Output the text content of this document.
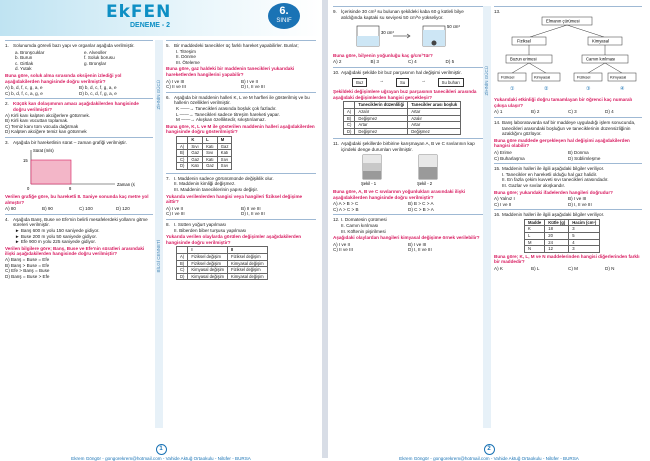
EkFEN
DENEME - 2
6.
SINIF
1. Solunumda görevli bazı yapı ve organlar aşağıda verilmiştir.
a. Bronşcuklar	e. Alveoller
b. Burun	f. Soluk borusu
c. Girtlak	g. Bronşlar
d. Yutak
Buna göre, soluk alma sırasında oksijenin izlediği yol aşağıdakilerden hangisinde doğru verilmiştir?
A) b, d, f, c, g, a, e	B) b, d, c, f, g, a, e
C) b, d, f, c, a, g, e	D) b, c, d, f, g, a, e
2. Küçük kan dolaşımının amacı aşağıdakilerden hangisinde doğru verilmiştir?
A) Kirli kanı kalpten akciğerlere götürmek.
B) Kirli kanı vücuttan toplamak.
C) Temiz kanı tüm vücuda dağıtmak
D) Kalpten akciğere temiz kan götürmek
3. Aşağıda bir hareketlinin sürat – zaman grafiği verilmiştir.
Sürat (m/s)
Zaman (s)
15
8
0
Verilen grafiğe göre, bu hareketli 8. Saniye sonunda kaç metre yol almıştır?
A) 80	B) 90	C) 100	D) 120
4. Aşağıda Banş, Buse ve Efe'nin belirli mesafelerdeki yollarını gitme süreleri verilmiştir.
► Banş 600 m yolu 150 saniyede gidiyor.
► Buse 200 m yolu 50 saniyede gidiyor.
► Efe 900 m yolu 225 saniyede gidiyor.
Verilen bilgilere göre; Banş, Buse ve Efe'nin süratleri arasındaki ilişki aşağıdakilerden hangisinde doğru verilmiştir?
A) Banş = Buse = Efe
B) Banş > Buse = Efe
C) Efe > Banş = Buse
D) Banş = Buse > Efe
ZİHNİN GÜCÜ
BİLGİ CENNETİ
5. Bir maddedeki tanecikler üç farklı hareket yapabilirler. Bunlar;
I. Titreşim
II. Dönme
III. Öteleme
Buna göre, gaz haldeki bir maddenin tanecikleri yukarıdaki hareketlerden hangilerini yapabilir?
A) I ve III	B) I ve II
C) II ve III	D) I, II ve III
6. Aşağıda bir maddenin halleri K, L ve M harfleri ile gösterilmiş ve bu hallerin özellikleri verilmiştir.
K ——→ Tanecikleri arasında boşluk çok fazladır.
L ——→ Tanecikleri sadece titreşim hareketi yapar.
M ——→ Akışkan özelliktedir, sıkıştırılamaz.
Buna göre, K, L ve M ile gösterilen maddenin halleri aşağıdakilerden hangisinde doğru gösterilmiştir?
	K	L	M
A)	Sıvı	Katı	Gaz
B)	Gaz	Sıvı	Katı
C)	Gaz	Katı	Sıvı
D)	Katı	Gaz	Sıvı
7. I. Maddenin sadece görünümünde değişiklik olur.
II. Maddenin kimliği değişmez.
III. Maddenin taneciklerinin yapısı değişir.
Yukarıda verilenlerden hangisi veya hangileri fiziksel değişime aittir?
A) I ve II	B) II ve III
C) I ve III	D) I, II ve III
8. I. Sütten yoğurt yapılması
II. Biberden biber turşusu yapılması
Yukarıda verilen olaylarda görülen değişimler aşağıdakilerden hangisinde doğru verilmiştir?
	I	II
A)	Fiziksel değişim	Fiziksel değişim
B)	Fiziksel değişim	Kimyasal değişim
C)	Kimyasal değişim	Fiziksel değişim
D)	Kimyasal değişim	Kimyasal değişim
1
Ekrem Göngör - gongorekrem@hotmail.com - Vahide Aktuğ Ortaokulu - Nilüfer - BURSA
9. İçerisinde 30 cm³ su bulunan şekildeki kaba 60 g kütleli bilye atıldığında kaptaki su seviyesi 50 cm³'e yükseliyor.
30 cm³
50 cm³
Buna göre, bilyenin yoğunluğu kaç g/cm³'tür?
A) 2	B) 3	C) 4	D) 5
10. Aşağıdaki şekilde bir buz parçasının hal değişimi verilmiştir.
Buz	→	Su	→	Su buharı
Şekildeki değişimlere uğrayan buz parçasının tanecikleri arasında aşağıdaki değişimlerden hangisi gerçekleşir?
	Taneciklerin düzenliliği	Tanecikler arası boşluk
A)	Azalır	Artar
B)	Değişmez	Azalır
C)	Artar	Artar
D)	Değişmez	Değişmez
11. Aşağıdaki şekillerde birbirine karışmayan A, B ve C sıvılarının kap içindeki denge durumları verilmiştir.
Şekil - 1	Şekil - 2
Buna göre, A, B ve C sıvılarının yoğunlukları arasındaki ilişki aşağıdakilerden hangisinde doğru verilmiştir?
A) A > B > C	B) B > C > A
C) A > C > B	D) C > B > A
12. I. Domatesin çürümesi
II. Camın kırılması
III. Köftenin pişirilmesi
Aşağıdaki olaylardan hangileri kimyasal değişime örnek verilebilir?
A) I ve II	B) I ve III
C) II ve III	D) I, II ve III
ZİHNİN GÜCÜ
13.
Elmanın çürümesi
Fiziksel	Kimyasal
Buzun erimesi	Camın kırılması
Fiziksel	Kimyasal	Fiziksel	Kimyasal
①	②	③	④
Yukarıdaki etkinliği doğru tamamlayan bir öğrenci kaç numaralı çıkışa ulaşır?
A) 1	B) 2	C) 3	D) 4
14. Banş laboratuvarda saf bir maddeye uyguladığı işlem sonucunda, tanecikleri arasındaki boşluğun ve taneciklerinin düzensizliğinin azaldığını gözlüyor.
Buna göre maddede gerçekleşen hal değişimi aşağıdakilerden hangisi olabilir?
A) Erime	B) Donma
C) Buharlaşma	D) Süblimleşme
15. Maddenin halleri ile ilgili aşağıdaki bilgiler veriliyor.
I. Tanecikler en hareketli olduğu hal gaz halidir.
II. En fazla çekim kuvveti sıvı tanecikleri arasındadır.
III. Gazlar ve sıvılar akışkandır.
Buna göre; yukarıdaki ifadelerden hangileri doğrudur?
A) Yalnız I	B) I ve III
C) I ve II	D) I, II ve III
16. Maddenin halleri ile ilgili aşağıdaki bilgiler veriliyor.
Madde	Kütle (g)	Hacim (cm³)
K	18	3
L	20	5
M	24	4
N	12	3
Buna göre; K, L, M ve N maddelerinden hangisi diğerlerinden farklı bir maddedir?
A) K	B) L	C) M	D) N
2
Ekrem Göngör - gongorekrem@hotmail.com - Vahide Aktuğ Ortaokulu - Nilüfer - BURSA
